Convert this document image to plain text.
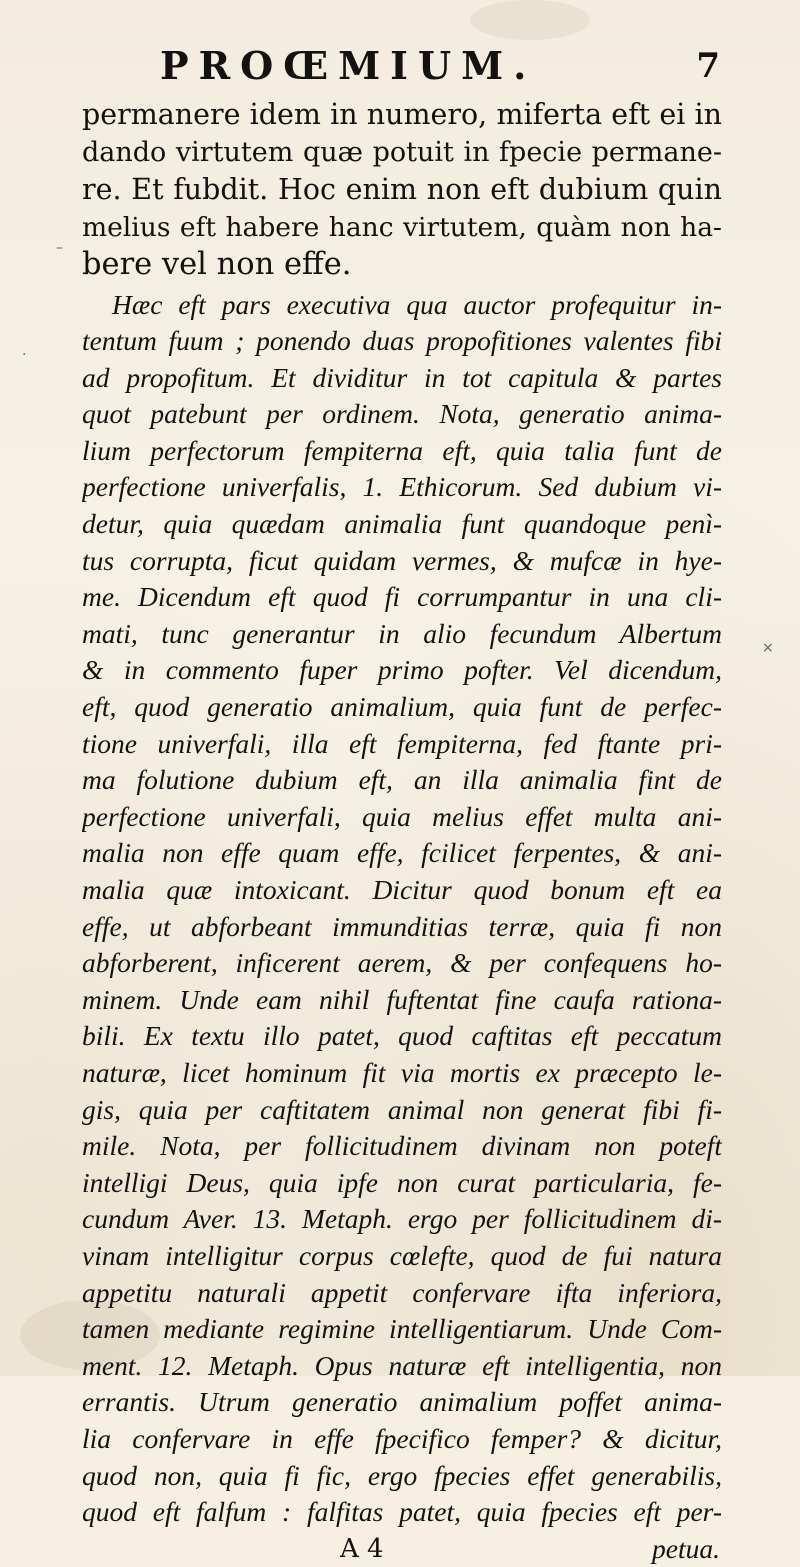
PROŒMIUM.	7
·
–
×
permanere idem in numero, miferta eft ei in
dando virtutem quæ potuit in fpecie permane-
re. Et fubdit. Hoc enim non eft dubium quin
melius eft habere hanc virtutem, quàm non ha-
bere vel non effe.
Hæc eft pars executiva qua auctor profequitur in-
tentum fuum ; ponendo duas propofitiones valentes fibi
ad propofitum. Et dividitur in tot capitula & partes
quot patebunt per ordinem. Nota, generatio anima-
lium perfectorum fempiterna eft, quia talia funt de
perfectione univerfalis, 1. Ethicorum. Sed dubium vi-
detur, quia quædam animalia funt quandoque penì-
tus corrupta, ficut quidam vermes, & mufcæ in hye-
me. Dicendum eft quod fi corrumpantur in una cli-
mati, tunc generantur in alio fecundum Albertum
& in commento fuper primo pofter. Vel dicendum,
eft, quod generatio animalium, quia funt de perfec-
tione univerfali, illa eft fempiterna, fed ftante pri-
ma folutione dubium eft, an illa animalia fint de
perfectione univerfali, quia melius effet multa ani-
malia non effe quam effe, fcilicet ferpentes, & ani-
malia quæ intoxicant. Dicitur quod bonum eft ea
effe, ut abforbeant immunditias terræ, quia fi non
abforberent, inficerent aerem, & per confequens ho-
minem. Unde eam nihil fuftentat fine caufa rationa-
bili. Ex textu illo patet, quod caftitas eft peccatum
naturæ, licet hominum fit via mortis ex præcepto le-
gis, quia per caftitatem animal non generat fibi fi-
mile. Nota, per follicitudinem divinam non poteft
intelligi Deus, quia ipfe non curat particularia, fe-
cundum Aver. 13. Metaph. ergo per follicitudinem di-
vinam intelligitur corpus cœlefte, quod de fui natura
appetitu naturali appetit confervare ifta inferiora,
tamen mediante regimine intelligentiarum. Unde Com-
ment. 12. Metaph. Opus naturæ eft intelligentia, non
errantis. Utrum generatio animalium poffet anima-
lia confervare in effe fpecifico femper? & dicitur,
quod non, quia fi fic, ergo fpecies effet generabilis,
quod eft falfum : falfitas patet, quia fpecies eft per-
A 4	petua.
